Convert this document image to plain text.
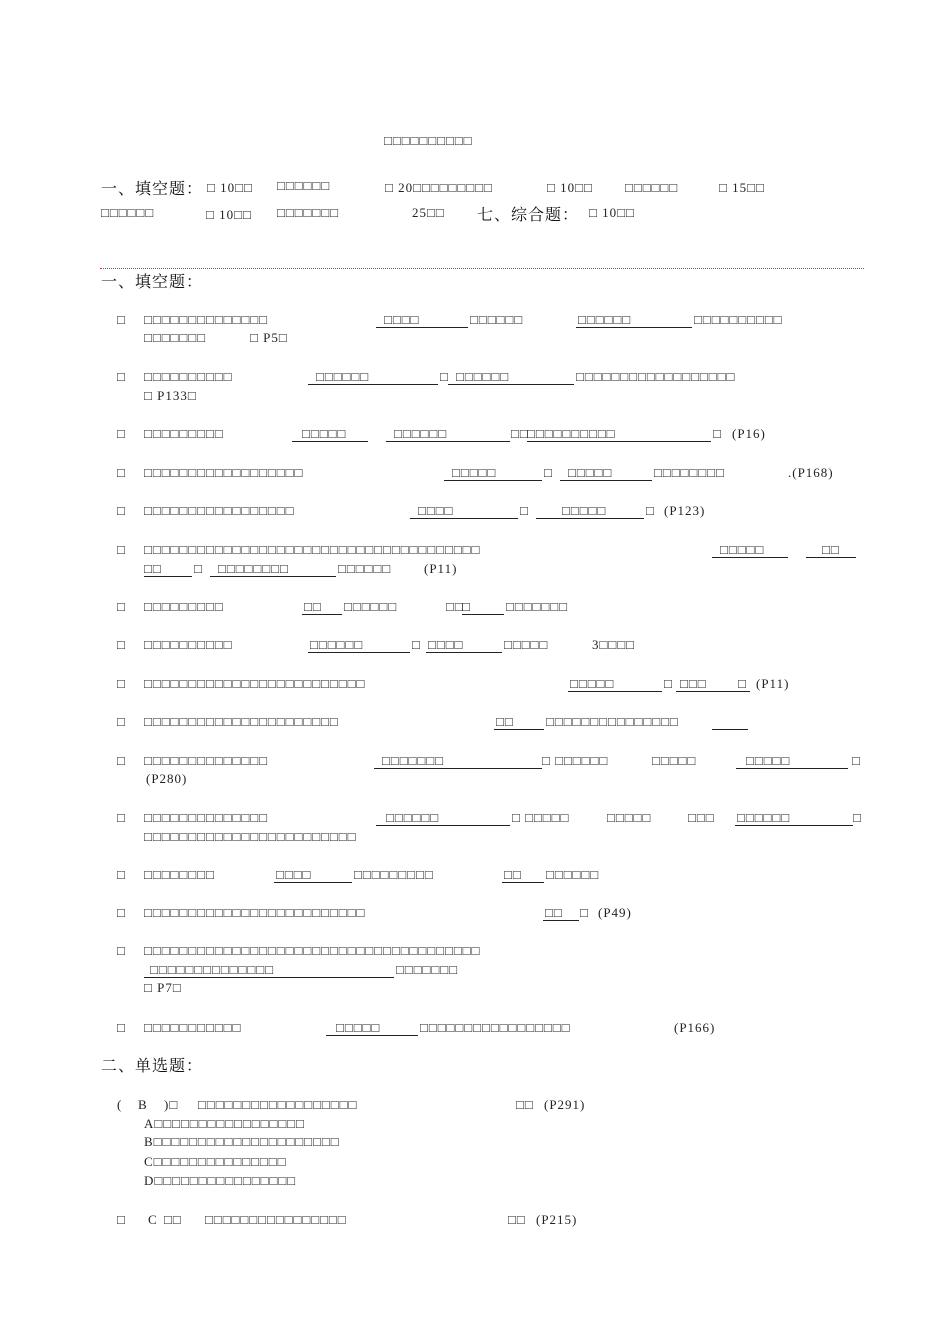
□□□□□□□□□□
一、填空题： □ 10□□ □□□□□□	□ 20□□□□□□□□□	□ 10□□ □□□□□□	□ 15□□
□□□□□□	□ 10□□ □□□□□□□	25□□ 七、综合题： □ 10□□
一、填空题：
□ □□□□□□□□□□□□□□	□□□□	□□□□□□	□□□□□□	□□□□□□□□□□
□□□□□□□	□ P5□
□ □□□□□□□□□□	□□□□□□	□ □□□□□□	□□□□□□□□□□□□□□□□□□
□ P133□
□ □□□□□□□□□	□□□□□	□□□□□□	□□
□□□□□□□□□□	□ (P16)
□ □□□□□□□□□□□□□□□□□□	□□□□□	□ □□□□□	□□□□□□□□	.(P168)
□ □□□□□□□□□□□□□□□□□	□□□□	□	□□□□□	□ (P123)
□ □□□□□□□□□□□□□□□□□□□□□□□□□□□□□□□□□□□□□□	□□□□□	□□
□□ □ □□□□□□□□	□□□□□□	(P11)
□ □□□□□□□□□	□□ □□□□□□	□□
□	□□□□□□□
□ □□□□□□□□□□	□□□□□□	□ □□□□	□□□□□	3□□□□
□ □□□□□□□□□□□□□□□□□□□□□□□□□	□□□□□	□ □□□ □ (P11)
□ □□□□□□□□□□□□□□□□□□□□□□	□□ □□□□□□□□□□□□□□□
□ □□□□□□□□□□□□□□	□□□□□□□	□ □□□□□□	□□□□□	□□□□□	□
(P280)
□ □□□□□□□□□□□□□□	□□□□□□	□ □□□□□	□□□□□	□□□ □□□□□□	□
□□□□□□□□□□□□□□□□□□□□□□□□
□ □□□□□□□□	□□□□	□□□□□□□□□	□□ □□□□□□
□ □□□□□□□□□□□□□□□□□□□□□□□□□	□□ □ (P49)
□ □□□□□□□□□□□□□□□□□□□□□□□□□□□□□□□□□□□□□□
□□□□□□□□□□□□□□	□□□□□□□
□ P7□
□ □□□□□□□□□□□	□□□□□	□□□□□□□□□□□□□□□□□	(P166)
二、单选题：
( B )□ □□□□□□□□□□□□□□□□□□	□□ (P291)
A□□□□□□□□□□□□□□□□□
B□□□□□□□□□□□□□□□□□□□□□
C□□□□□□□□□□□□□□□
D□□□□□□□□□□□□□□□□
□ C □□ □□□□□□□□□□□□□□□□	□□ (P215)
